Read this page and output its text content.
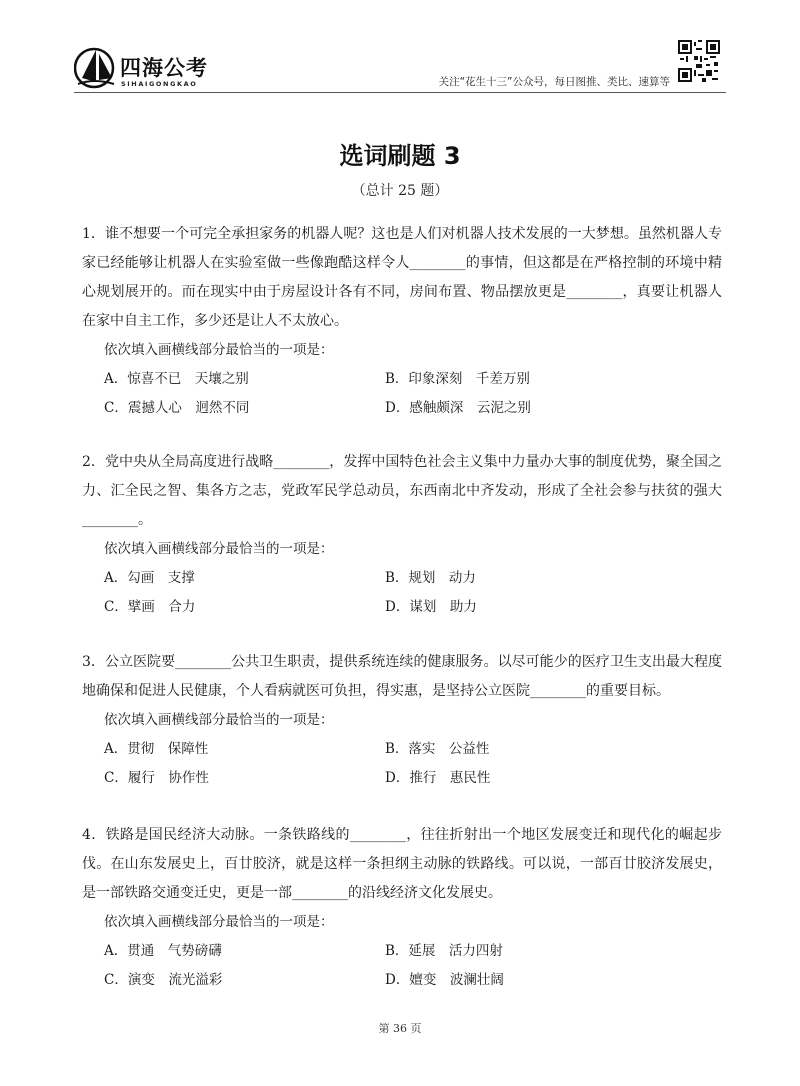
四海公考
SIHAIGONGKAO	关注“花生十三”公众号，每日图推、类比、速算等
选词刷题 3
（总计 25 题）

1．谁不想要一个可完全承担家务的机器人呢？这也是人们对机器人技术发展的一大梦想。虽然机器人专家已经能够让机器人在实验室做一些像跑酷这样令人________的事情，但这都是在严格控制的环境中精心规划展开的。而在现实中由于房屋设计各有不同，房间布置、物品摆放更是________，真要让机器人在家中自主工作，多少还是让人不太放心。

依次填入画横线部分最恰当的一项是：

A．惊喜不已　天壤之别	B．印象深刻　千差万别
C．震撼人心　迥然不同	D．感触颇深　云泥之别

2．党中央从全局高度进行战略________，发挥中国特色社会主义集中力量办大事的制度优势，聚全国之力、汇全民之智、集各方之志，党政军民学总动员，东西南北中齐发动，形成了全社会参与扶贫的强大________。

依次填入画横线部分最恰当的一项是：

A．勾画　支撑	B．规划　动力
C．擘画　合力	D．谋划　助力

3．公立医院要________公共卫生职责，提供系统连续的健康服务。以尽可能少的医疗卫生支出最大程度地确保和促进人民健康，个人看病就医可负担，得实惠，是坚持公立医院________的重要目标。

依次填入画横线部分最恰当的一项是：

A．贯彻　保障性	B．落实　公益性
C．履行　协作性	D．推行　惠民性

4．铁路是国民经济大动脉。一条铁路线的________，往往折射出一个地区发展变迁和现代化的崛起步伐。在山东发展史上，百廿胶济，就是这样一条担纲主动脉的铁路线。可以说，一部百廿胶济发展史，是一部铁路交通变迁史，更是一部________的沿线经济文化发展史。

依次填入画横线部分最恰当的一项是：

A．贯通　气势磅礴	B．延展　活力四射
C．演变　流光溢彩	D．嬗变　波澜壮阔
第 36 页
